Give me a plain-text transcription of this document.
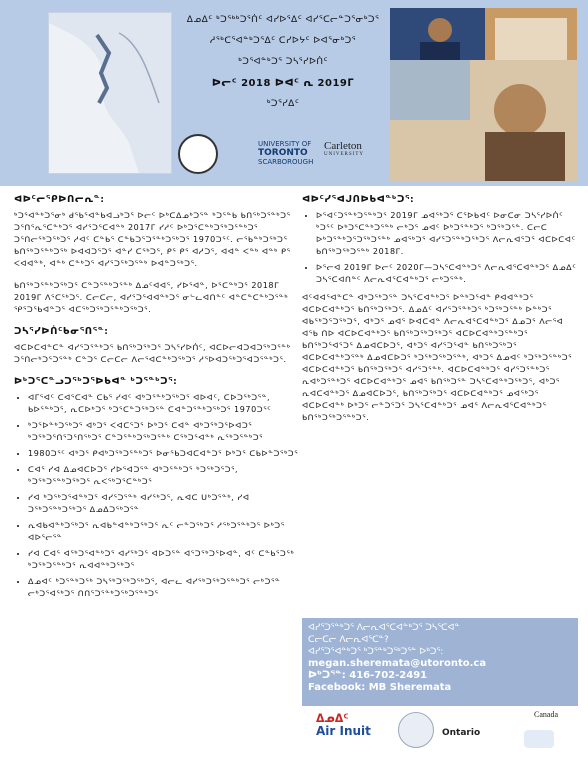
ᐃᓄᐃᑦ ᒃᑐᕐᒃᒃᑐᕐᑏᑦ ᐊᓯᐅᕐᐃᑦ ᐊᓯᕐᑕᓕᓐᑐᕐᓂᒃᑐᕐ
ᓱᕐᒃᑕᕐᐊᓐᒃᑐᕐᐃᑦ ᑕᓯᐅᔭᑦ ᐅᐊᕐᓂᒃᑐᕐ
ᒃᑐᕐᐊᓐᒃᑐᕐ ᑐᓴᕐᓯᐅᑏᑦ
ᐅᓕᑦ 2018 ᐅᐊᑦ ᕆ 2019ᒥ
ᒃᑐᕐᓯᐃᑦ
UNIVERSITY OF
TORONTO
SCARBOROUGH
Carleton
UNIVERSITY
ᐊᐅᑦᓕᕐᑭᐅᑎᓕᕆᓐ:

ᒃᑐᕐᐊᓐᒃᑐᕐᓂᒃ ᑯᕐᑲᕐᐊᓐᑲᐊᓗᒃᑐᕐ ᐅᓕᑦ ᐅᒃᑕᐃᓄᒃᑐᕐᓐ ᒃᑐᕐᓐᑲ ᑲᑎᕐᒃᑐᕐᓐᒃᑐᕐ ᑐᕐᑎᕐᕆᕐᑕᓐᒃᑐᕐ ᐊᓯᕐᑐᕐᑕᐊᓐᒃ 2017ᒥ ᓯᓱᑦ ᐅᒃᑐᕐᑕᓐᒃᑐᕐᒃᑐᕐᓐᒃᑐᕐ ᑐᕐᑎᓕᕐᒃᑐᕐᒃᑐᕐ ᓱᐊᑦ ᑕᓐᑲᕐ ᑕᓐᑲᑐᕐᑐᕐᓐᒃᑐᕐᒃᑐᕐ 1970ᑐᕐᑦ. ᓕᕐᑲᓐᒃᑐᕐᒃᑐᕐ ᑲᑎᕐᒃᑐᕐᓐᒃᑐᕐᒃ ᐅᐊᐊᑐᕐᑐᕐ ᐊᓐᓯ ᑕᕐᒃᑐᕐ, ᑭᕐ ᑭᕐ ᐊᓱᑐᕐ, ᐊᐊᓐ ᐸᓐᒃ ᐊᓐᒃ ᑭᕐ ᐸᐊᐊᓐᒃ, ᐊᓐᒃ ᑕᓐᒃᑐᕐ ᐊᓯᕐᑐᕐᒃᑐᕐᓐᒃ ᐅᐊᓐᑐᕐᒃᑐᕐ.

ᑲᑎᕐᒃᑐᕐᓐᒃᑐᕐᒃᑐᕐ ᑕᓐᑐᕐᓐᒃᑐᕐᓐᒃ ᐃᓄᑦᐊᐊᕐ, ᓯᐅᕐᐊᓐ, ᐅᕐᑕᓐᒃᑐᕐ 2018ᒥ 2019ᒥ ᐱᕐᑕᕐᒃᑐᕐ. ᑕᓕᑕᓕ, ᐊᓯᕐᑐᕐᐊᐊᓐᒃᑐᕐ ᓂᓪᓚᐊᑎᓐᑦ ᐊᓐᑕᓐᑕᓐᒃᑐᕐᓐᒃ ᕿᕐᑐᕐᑲᐊᓐᑐᕐ ᐊᑕᕐᒃᑐᕐᒃᑐᕐᓐᒃᑐᕐᒃᑐᕐ.

ᑐᓴᕐᓯᐅᑏᑦᑲᓂᕐᑎᕐᓐ:

ᐊᑕᐅᑕᐊᓐᑕᓐ ᐊᓯᕐᑐᕐᓐᒃᑐᕐ ᑲᑎᕐᒃᑐᕐᒃᑐᕐ ᑐᓴᕐᓯᐅᑏᑦ, ᐊᑕᐅᓕᐊᑐᐊᑐᕐᒃᑐᕐᓐᒃ ᑐᕐᑎᓕᒃᑐᕐᑐᕐᓐᒃ ᑕᓐᑐᕐ ᑕᓕᑕᓕ ᐱᓕᕐᐊᑕᓐᒃᑐᕐᒃᑐᕐ ᓱᕐᐅᐊᑐᕐᒃᑐᕐᐊᑐᕐᓐᒃᑐᕐ.

ᐅᒃᑐᕐᑕᓐᓗᑐᕐᒃᑐᕐᐅᑲᐊᓐ ᒃᑐᕐᓐᒃᑐᕐ:
• ᐊᒥᕐᐊᑦ ᑕᐊᕐᑕᐊᓐ ᑕᑲᕐ ᓯᐊᑦ ᐊᒃᑐᕐᓐᒃᑐᕐᒃᑐᕐ ᐊᐅᐊᑦ, ᑕᐅᑐᕐᒃᑐᕐᓐ, ᑲᐅᕐᓐᒃᑐᕐ, ᕆᑕᐅᒃᑐᕐ ᒃᑐᕐᑕᓐᑐᕐᒃᑐᕐᓐ ᑕᐊᓐᑐᕐᓐᒃᑐᕐᒃᑐᕐ 1970ᑐᕐᑦ
• ᒃᑐᕐᐅᓐᒃᑐᕐᒃᑐᕐ ᐊᒃᑐᕐ ᐸᐊᑕᕐᑐᕐ ᐅᒃᑐᕐ ᑕᐊᓐ ᐊᒃᑐᕐᒃᑐᕐᐅᐊᑐᕐ ᒃᑐᕐᒃᑐᕐᑎᕐᑐᕐᑎᕐᒃᑐᕐ ᑕᓐᑐᕐᓐᒃᑐᕐᒃᑐᕐᓐᒃ ᑕᕐᒃᑐᕐᐊᓐᒃ ᕆᕐᒃᑐᕐᓐᒃᑐᕐ
• 1980ᑐᕐᑦ ᐊᒃᑐᕐ ᑭᐊᒃᑐᕐᒃᑐᕐᓐᒃᑐᕐ ᐅᓂᕐᑲᑐᐊᑕᐊᓐᑐᕐ ᐅᒃᑐᕐ ᑕᑲᐅᓐᑐᕐᒃᑐᕐ
• ᑕᐊᕐ ᓯᐊ ᐃᓄᐊᑕᐅᑐᕐ ᓯᐅᕐᐊᑐᕐᓐ ᐊᒃᑐᕐᓐᒃᑐᕐ ᒃᑐᕐᒃᑐᕐᑐᕐ, ᒃᑐᕐᒃᑐᕐᓐᒃᑐᕐᒃᑐᕐ ᕆᐸᕐᒃᑐᕐᑕᓐᒃᑐᕐ
• ᓯᐊ ᒃᑐᕐᒃᑐᕐᐊᓐᒃᑐᕐ ᐊᓯᕐᑐᕐᓐᒃ ᐊᓯᕐᒃᑐᕐ, ᕆᐊᑕ ᑌᒃᑐᕐᓐᒃ, ᓯᐊ ᑐᕐᒃᑐᕐᓐᒃᑐᕐᒃᑐᕐ ᐃᓄᐃᑐᕐᒃᑐᕐᓐ
• ᕆᐊᑲᐊᓐᒃᑐᕐᒃᑐᕐ ᕆᐊᑲᓐᐊᓐᒃᑐᕐᒃᑐᕐ ᕆᑦ ᓕᓐᑐᕐᒃᑐᕐ ᓱᕐᒃᑐᕐᓐᒃᑐᕐ ᐅᒃᑐᕐ ᐊᐅᕐᓕᕐᓐ
• ᓯᐊ ᑕᐊᕐ ᐊᕐᒃᑐᕐᐊᓐᒃᑐᕐ ᐊᓯᕐᒃᑐᕐ ᐊᐅᑐᕐᓐ ᐊᕐᑐᕐᒃᑐᕐᐅᐊᓐ, ᐊᑦ ᑕᓐᑲᕐᑐᕐᒃ ᒃᑐᕐᒃᑐᕐᓐᒃᑐᕐ ᕆᐊᐊᓐᒃᑐᕐᒃᑐᕐ
• ᐃᓄᐊᑦ ᒃᑐᕐᓐᒃᑐᕐᒃ ᑐᓴᕐᒃᑐᕐᒃᑐᕐᒃᑐᕐ, ᐊᓕᓚ ᐊᓯᕐᒃᑐᕐᒃᑐᕐᓐᒃᑐᕐ ᓕᒃᑐᕐᓐ ᓕᒃᑐᕐᐊᕐᒃᑐᕐ ᑎᑎᕐᑐᕐᓐᒃᑐᕐᒃᑐᕐᓐᒃᑐᕐ
ᐊᐅᑦᓯᕐᐊᒍᑎᐅᑲᐊᓐᒃᑐᕐ:
• ᐅᕐᐊᑦᑐᕐᓐᒃᑐᕐᓐᒃᑐᕐ 2019ᒥ ᓄᐊᕐᒃᑐᕐ ᑕᕐᐅᑲᐊᑦ ᐅᓂᑕᓂ ᑐᓴᕐᓯᐅᑏᑦ ᒃᑐᕐᑦ ᐅᒃᑐᕐᑕᓐᒃᑐᕐᓐᒃ ᓕᒃᑐᕐ ᓄᐊᑦ ᐅᒃᑐᕐᓐᒃᑐᕐ ᒃᑐᕐᒃᑐᕐᓐ. ᑕᓕᑕ ᐅᒃᑐᕐᓐᒃᑐᕐᑐᕐᒃᑐᕐᓐᒃ ᓄᐊᕐᒃᑐᕐ ᐊᓯᕐᑐᕐᓐᒃᑐᕐᒃᑐᕐ ᐱᓕᕆᐊᕐᑐᕐ ᐊᑕᐅᑕᐊᑦ ᑲᑎᕐᒃᑐᕐᒃᑐᕐᓐᒃ 2018ᒥ.
• ᐅᕐᓕᐊ 2019ᒥ ᐅᓕᑦ 2020ᒥ—ᑐᓴᕐᑕᐊᓐᒃᑐᕐ ᐱᓕᕆᐊᕐᑕᐊᓐᒃᑐᕐ ᐃᓄᐃᑦ ᑐᓴᕐᑕᐊᑎᓐᑦ ᐱᓕᕆᐊᕐᑕᐊᓐᒃᑐᕐ ᓕᒃᑐᕐᓐᒃ.

ᐊᑦᐊᐊᕐᐊᓐᑕᓐ ᐊᒃᑐᕐᒃᑐᕐᓐ ᑐᓴᕐᑕᐊᓐᒃᑐᕐ ᐅᓐᒃᑐᕐᐊᓐ ᑭᐊᐊᓐᒃᑐᕐ ᐊᑕᐅᑕᐊᓐᒃᑐᕐ ᑲᑎᕐᒃᑐᕐᒃᑐᕐ. ᐃᓄᐃᑦ ᐊᓯᕐᑐᕐᓐᒃᑐᕐ ᒃᑐᕐᒃᑐᕐᓐᒃ ᐅᓐᒃᑐᕐ ᐊᑲᕐᒃᑐᕐᑐᕐᒃᑐᕐ, ᐊᒃᑐᕐ ᓄᐊᕐ ᐅᐊᑕᐊᓐ ᐱᓕᕆᐊᕐᑕᐊᓐᒃᑐᕐ ᐃᓄᑐᕐ ᐱᓕᕐᐊ ᐊᕐᑲ ᑎᐅ ᐊᑕᐅᑕᐊᓐᒃᑐᕐ ᑲᑎᕐᒃᑐᕐᒃᑐᕐᒃᑐᕐ ᐊᑕᐅᑕᐊᓐᒃᑐᕐᓐᒃᑐᕐ ᑲᑎᕐᒃᑐᕐᐊᕐᑐᕐ ᐃᓄᐊᑕᐅᑐᕐ, ᐊᒃᑐᕐ ᐊᓯᕐᑐᕐᐊᓐ ᑲᑎᕐᒃᑐᕐᒃᑐᕐ ᐊᑕᐅᑕᐊᓐᒃᑐᕐᓐᒃ ᐃᓄᐊᑕᐅᑐᕐ ᒃᑐᕐᒃᑐᕐᒃᑐᕐᓐᒃ, ᐊᒃᑐᕐ ᐃᓄᐊᑦ ᒃᑐᕐᒃᑐᕐᓐᒃᑐᕐ ᐊᑕᐅᑕᐊᓐᒃᑐᕐ ᑲᑎᕐᒃᑐᕐᒃᑐᕐ ᐊᓯᕐᑐᕐᓐᒃ. ᐊᑕᐅᑕᐊᓐᒃᑐᕐ ᐊᓯᕐᑐᕐᓐᒃᑐᕐ ᕆᐊᒃᑐᕐᓐᒃᑐᕐ ᐊᑕᐅᑕᐊᓐᒃᑐᕐ ᓄᐊᕐ ᑲᑎᕐᒃᑐᕐᓐ ᑐᓴᕐᑕᐊᓐᒃᑐᕐᒃᑐᕐ, ᐊᒃᑐᕐ ᕆᐊᑕᐊᓐᒃᑐᕐ ᐃᓄᐊᑕᐅᑐᕐ, ᑲᑎᕐᒃᑐᕐᒃᑐᕐ ᐊᑕᐅᑕᐊᓐᒃᑐᕐ ᓄᐊᕐᒃᑐᕐ ᐊᑕᐅᑕᐊᓐᒃ ᐅᒃᑐᕐ ᓕᓐᑐᕐᑐᕐ ᑐᓴᕐᑕᐊᓐᒃᑐᕐ ᓄᐊᕐ ᐱᓕᕆᐊᕐᑕᐊᓐᒃᑐᕐ ᑲᑎᕐᒃᑐᕐᒃᑐᕐᓐᒃᑐᕐ.

ᐊᓯᕐᑐᕐᓐᒃᑐᕐ ᐱᓕᕆᐊᕐᑕᐊᓐᒃᑐᕐ ᑐᓴᕐᑕᐊᓐ
ᑕᓕᑕᓕ ᐱᓕᕆᐊᕐᑕᓐ?
ᐊᓯᕐᑐᕐᐊᓐᒃᑐᕐ ᒃᑐᕐᓐᒃᑐᕐᒃᑐᕐᓐ ᐅᒃᑐᕐ:
megan.sheremata@utoronto.ca
ᐅᒃᑐᕐᓐ: 416-702-2491
Facebook: MB Sheremata
ᐃᓄᐃᑦ
Air Inuit	Ontario
Canada
